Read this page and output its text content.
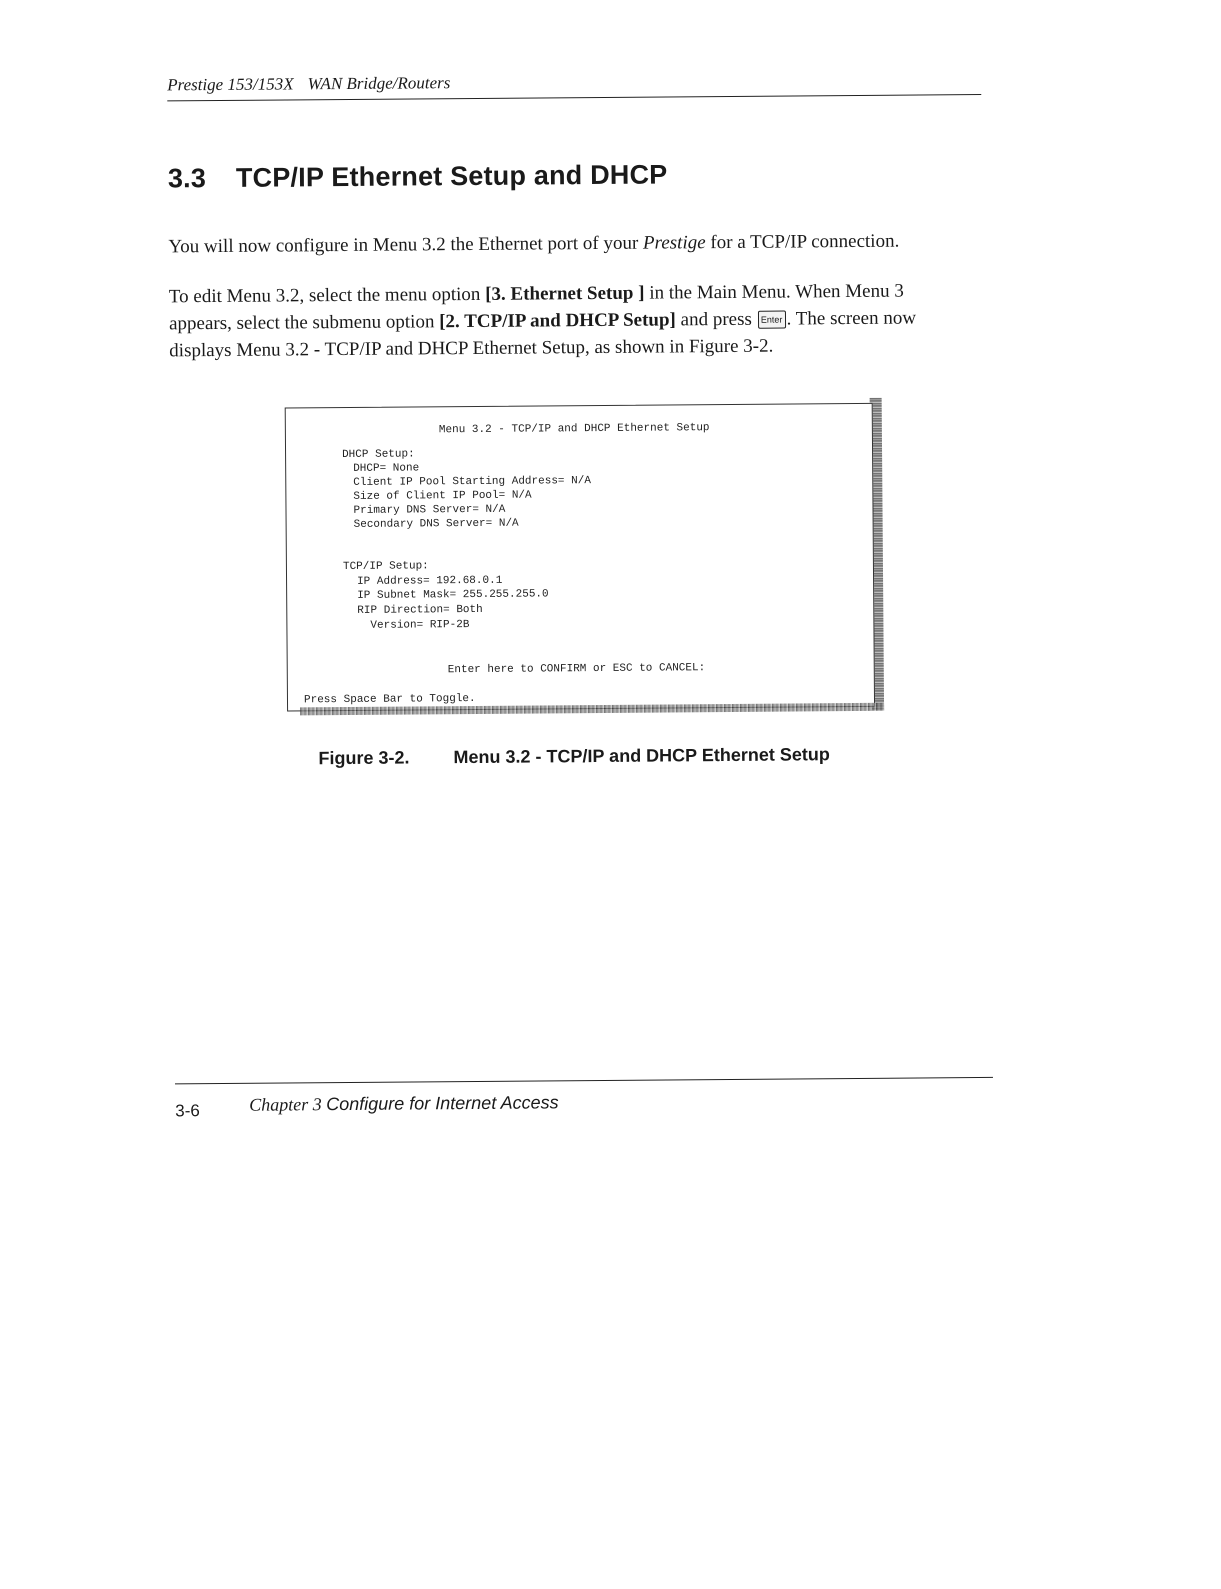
Prestige 153/153X WAN Bridge/Routers
3.3 TCP/IP Ethernet Setup and DHCP
You will now configure in Menu 3.2 the Ethernet port of your Prestige for a TCP/IP connection.
To edit Menu 3.2, select the menu option [3. Ethernet Setup ] in the Main Menu. When Menu 3 appears, select the submenu option [2. TCP/IP and DHCP Setup] and press Enter . The screen now displays Menu 3.2 - TCP/IP and DHCP Ethernet Setup, as shown in Figure 3-2.
Menu 3.2 - TCP/IP and DHCP Ethernet Setup
DHCP Setup:
DHCP= None
Client IP Pool Starting Address= N/A
Size of Client IP Pool= N/A
Primary DNS Server= N/A
Secondary DNS Server= N/A
TCP/IP Setup:
IP Address= 192.68.0.1
IP Subnet Mask= 255.255.255.0
RIP Direction= Both
Version= RIP-2B
Enter here to CONFIRM or ESC to CANCEL:
Press Space Bar to Toggle.
Figure 3-2. Menu 3.2 - TCP/IP and DHCP Ethernet Setup
3-6	Chapter 3 Configure for Internet Access
